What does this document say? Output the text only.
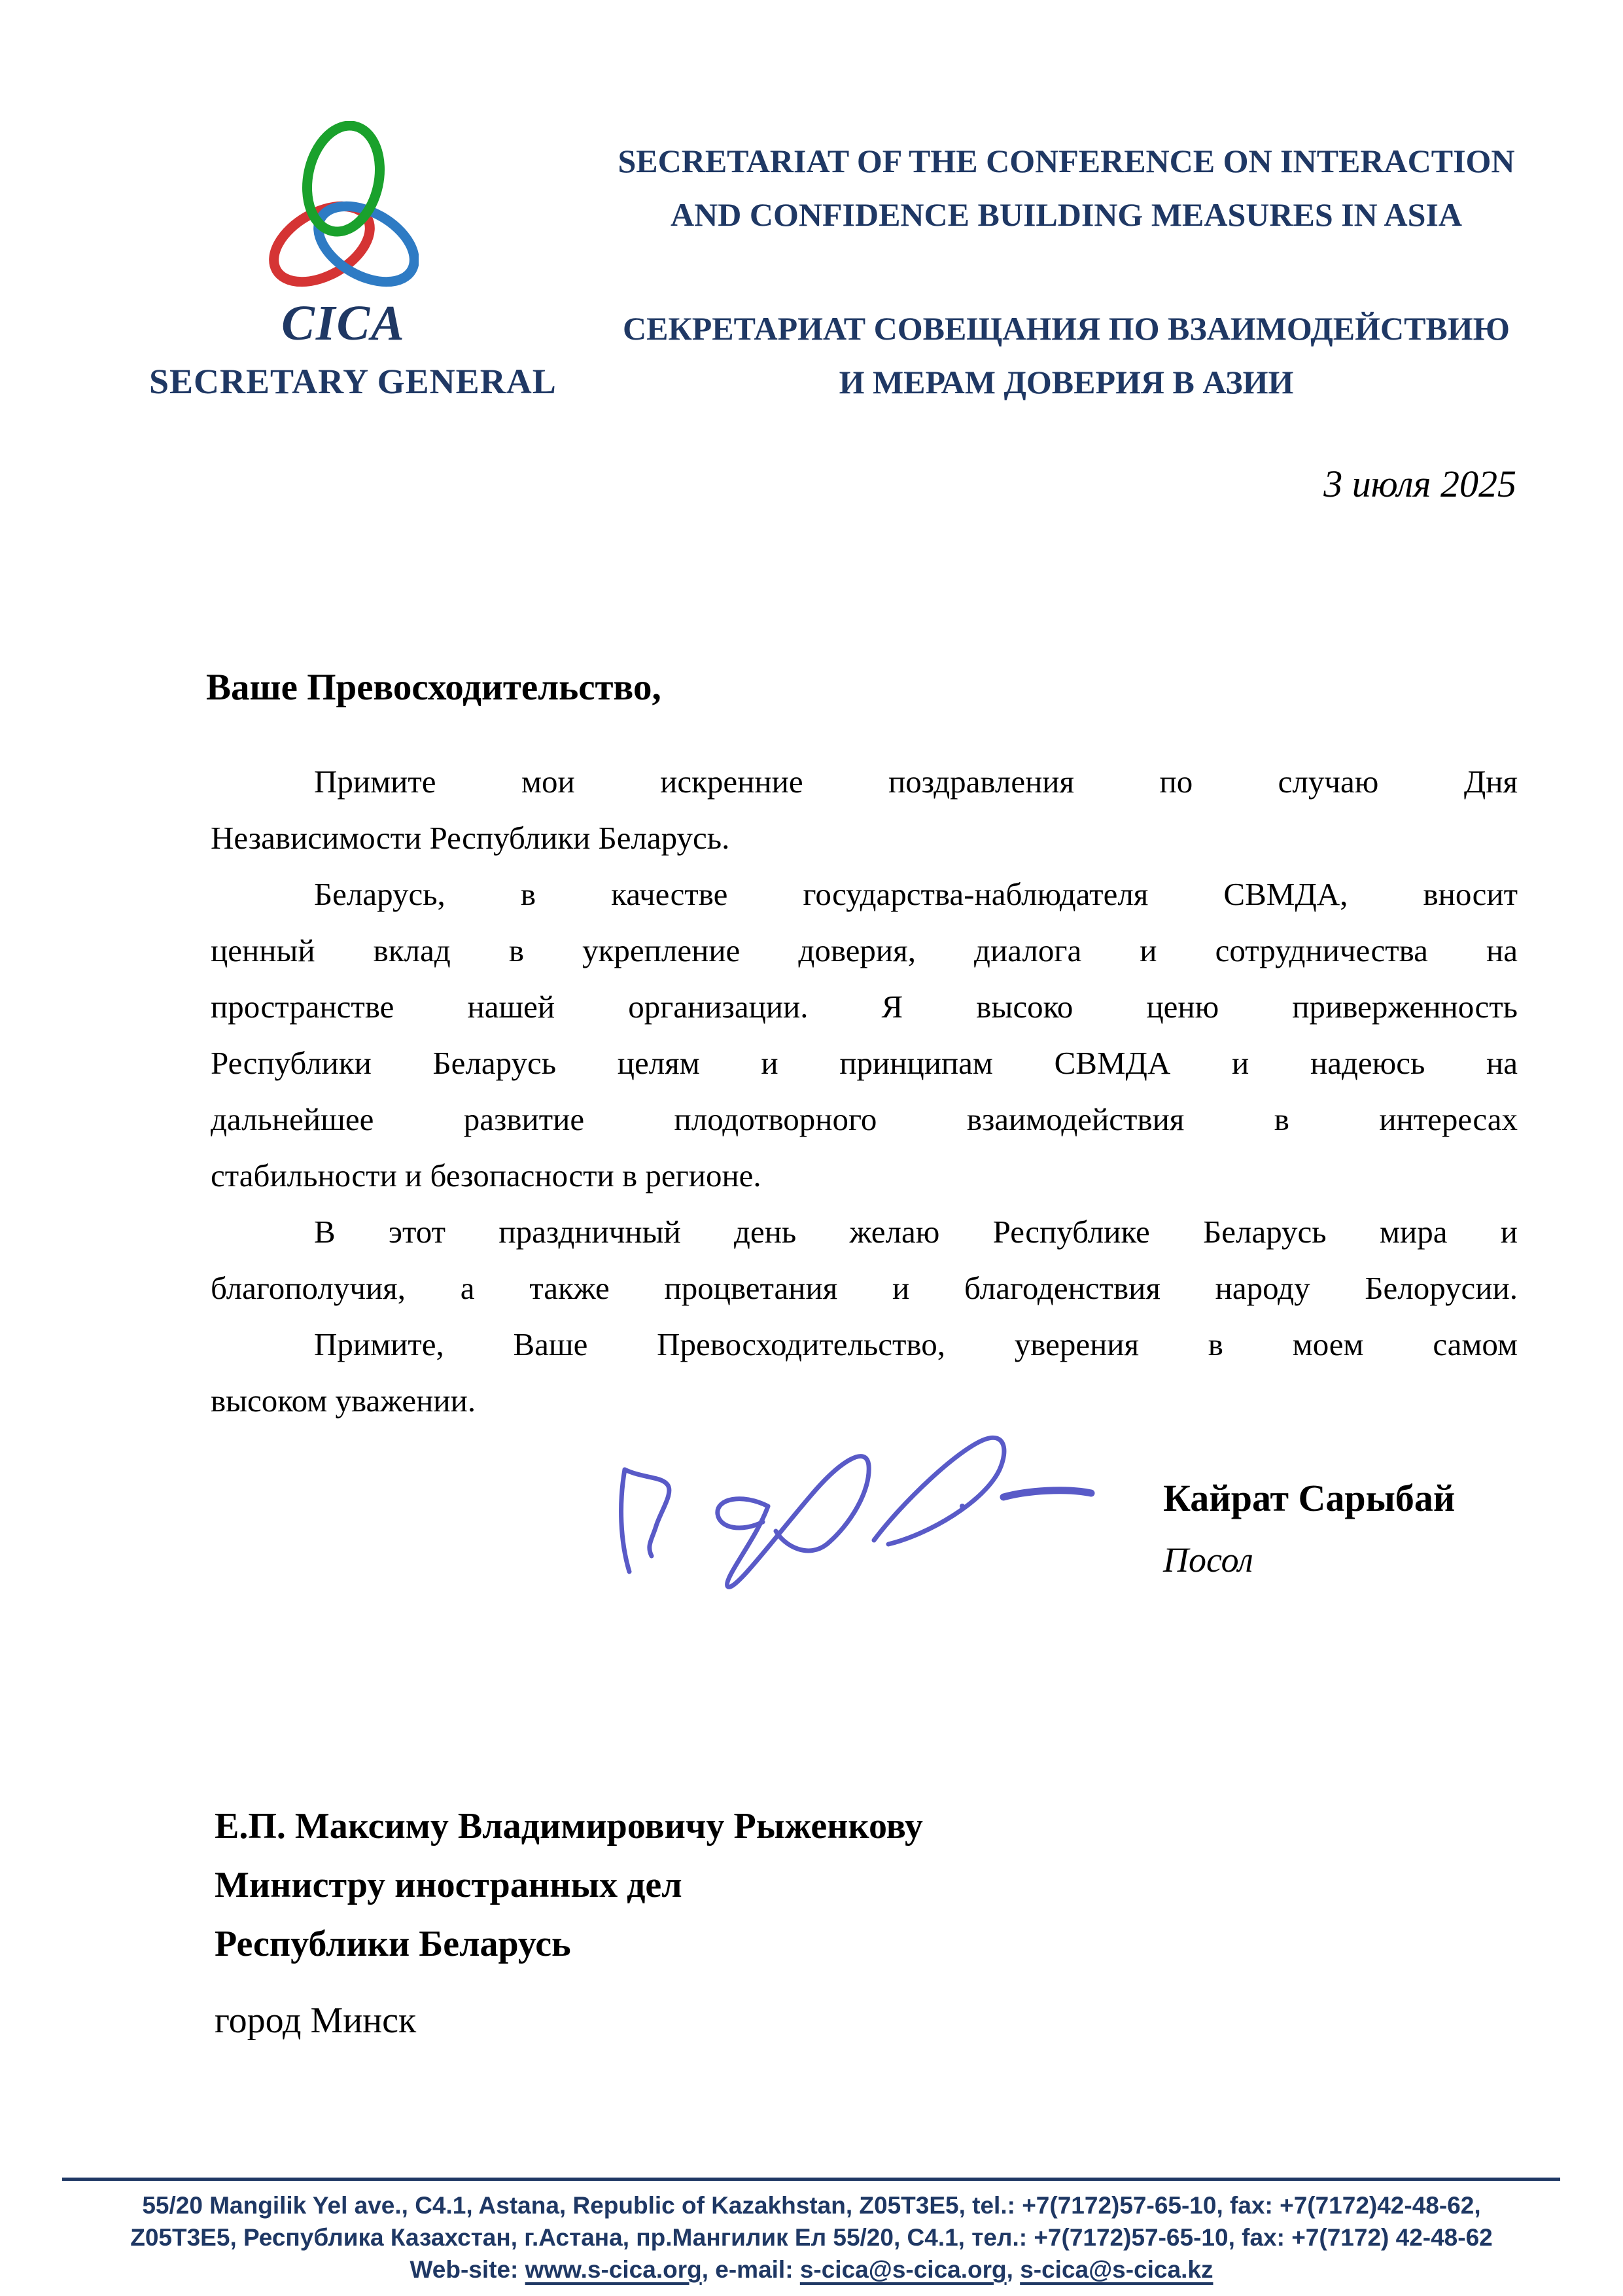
CICA
SECRETARY GENERAL
SECRETARIAT OF THE CONFERENCE ON INTERACTION
AND CONFIDENCE BUILDING MEASURES IN ASIA
СЕКРЕТАРИАТ СОВЕЩАНИЯ ПО ВЗАИМОДЕЙСТВИЮ
И МЕРАМ ДОВЕРИЯ В АЗИИ
3 июля 2025
Ваше Превосходительство,
Примите мои искренние поздравления по случаю Дня
Независимости Республики Беларусь.
Беларусь, в качестве государства-наблюдателя СВМДА, вносит
ценный вклад в укрепление доверия, диалога и сотрудничества на
пространстве нашей организации. Я высоко ценю приверженность
Республики Беларусь целям и принципам СВМДА и надеюсь на
дальнейшее развитие плодотворного взаимодействия в интересах
стабильности и безопасности в регионе.
В этот праздничный день желаю Республике Беларусь мира и
благополучия, а также процветания и благоденствия народу Белорусии.
Примите, Ваше Превосходительство, уверения в моем самом
высоком уважении.
Кайрат Сарыбай
Посол
Е.П. Максиму Владимировичу Рыженкову
Министру иностранных дел
Республики Беларусь
город Минск
55/20 Mangilik Yel ave., C4.1, Astana, Republic of Kazakhstan, Z05T3E5, tel.: +7(7172)57-65-10, fax: +7(7172)42-48-62,
Z05T3E5, Республика Казахстан, г.Астана, пр.Мангилик Ел 55/20, С4.1, тел.: +7(7172)57-65-10, fax: +7(7172) 42-48-62
Web-site: www.s-cica.org, e-mail: s-cica@s-cica.org, s-cica@s-cica.kz
